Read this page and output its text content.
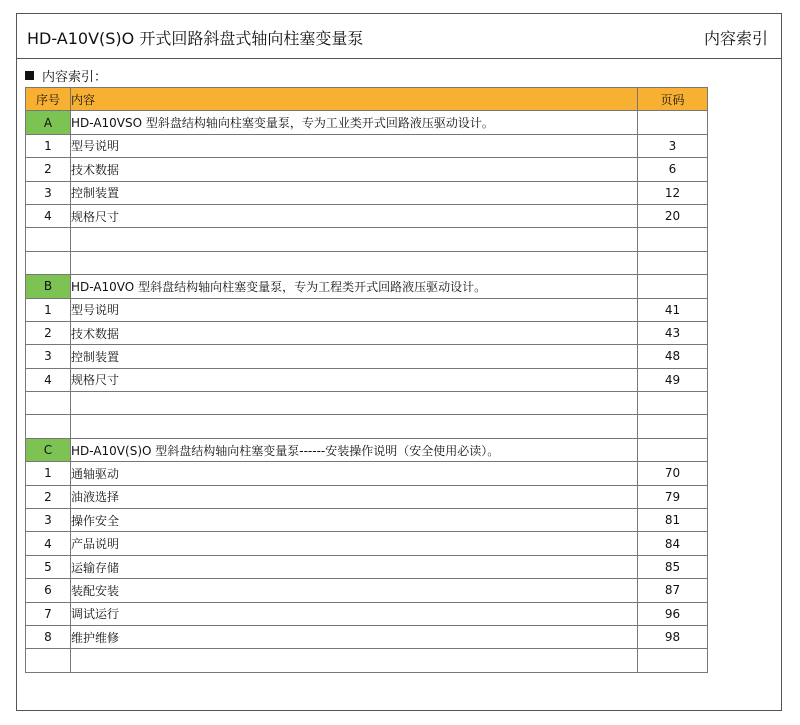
HD-A10V(S)O 开式回路斜盘式轴向柱塞变量泵	内容索引
内容索引：
序号	内容	页码
A	HD-A10VSO 型斜盘结构轴向柱塞变量泵，专为工业类开式回路液压驱动设计。	
1	型号说明	3
2	技术数据	6
3	控制装置	12
4	规格尺寸	20

B	HD-A10VO 型斜盘结构轴向柱塞变量泵，专为工程类开式回路液压驱动设计。	
1	型号说明	41
2	技术数据	43
3	控制装置	48
4	规格尺寸	49

C	HD-A10V(S)O 型斜盘结构轴向柱塞变量泵------安装操作说明（安全使用必读）。	
1	通轴驱动	70
2	油液选择	79
3	操作安全	81
4	产品说明	84
5	运输存储	85
6	装配安装	87
7	调试运行	96
8	维护维修	98
